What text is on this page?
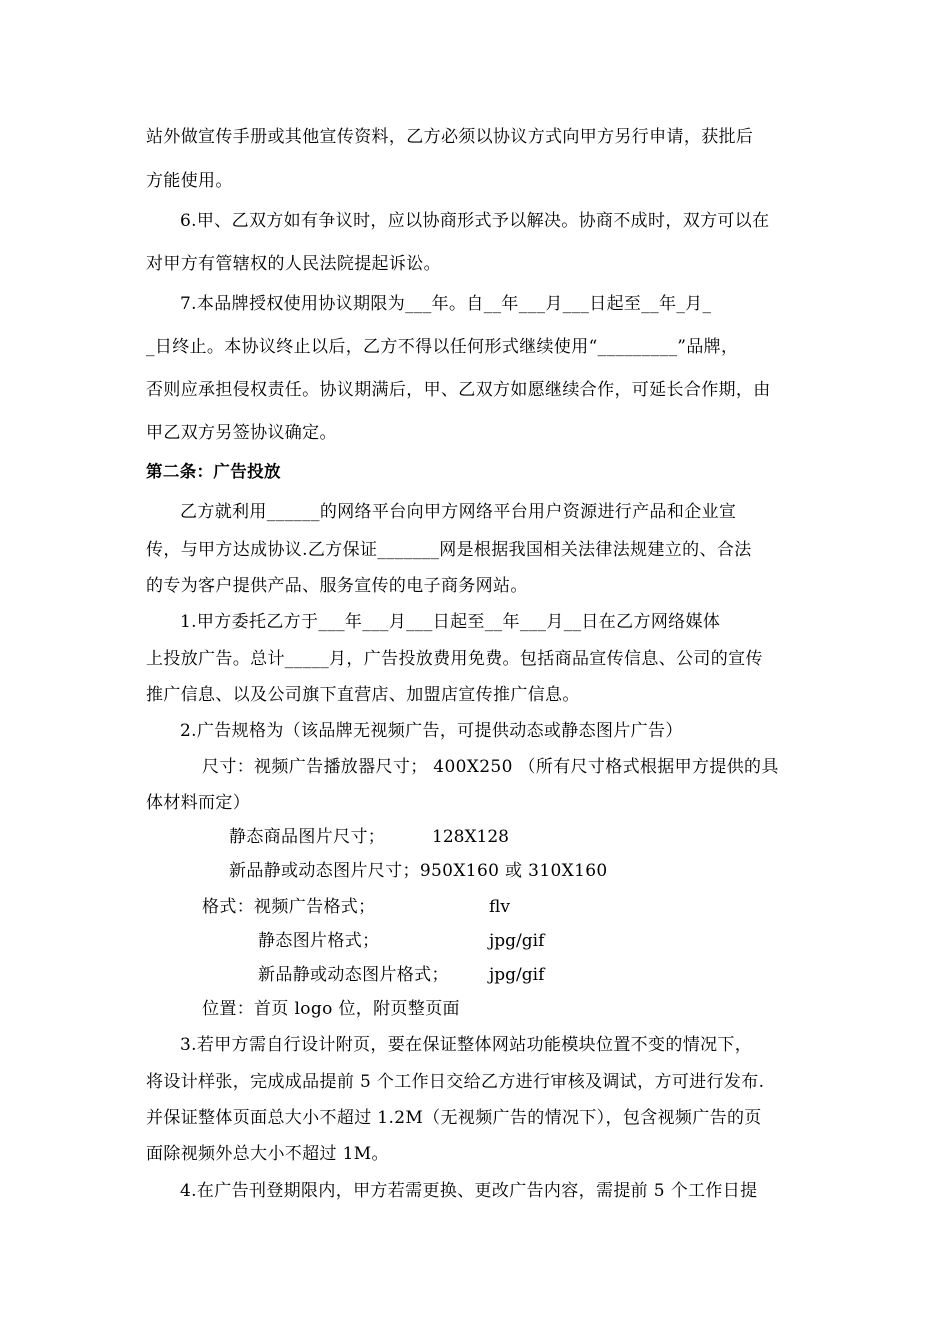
站外做宣传手册或其他宣传资料，乙方必须以协议方式向甲方另行申请，获批后
方能使用。
6.甲、乙双方如有争议时，应以协商形式予以解决。协商不成时，双方可以在
对甲方有管辖权的人民法院提起诉讼。
7.本品牌授权使用协议期限为___年。自__年___月___日起至__年_月_
_日终止。本协议终止以后，乙方不得以任何形式继续使用“_________”品牌，
否则应承担侵权责任。协议期满后，甲、乙双方如愿继续合作，可延长合作期，由
甲乙双方另签协议确定。
第二条：广告投放
乙方就利用______的网络平台向甲方网络平台用户资源进行产品和企业宣
传，与甲方达成协议.乙方保证_______网是根据我国相关法律法规建立的、合法
的专为客户提供产品、服务宣传的电子商务网站。
1.甲方委托乙方于___年___月___日起至__年___月__日在乙方网络媒体
上投放广告。总计_____月，广告投放费用免费。包括商品宣传信息、公司的宣传
推广信息、以及公司旗下直营店、加盟店宣传推广信息。
2.广告规格为（该品牌无视频广告，可提供动态或静态图片广告）
尺寸：视频广告播放器尺寸； 400X250 （所有尺寸格式根据甲方提供的具
体材料而定）
静态商品图片尺寸；	128X128
新品静或动态图片尺寸；950X160 或 310X160
格式：视频广告格式；	flv
静态图片格式；	jpg/gif
新品静或动态图片格式； jpg/gif
位置：首页 logo 位，附页整页面
3.若甲方需自行设计附页，要在保证整体网站功能模块位置不变的情况下，
将设计样张，完成成品提前 5 个工作日交给乙方进行审核及调试，方可进行发布.
并保证整体页面总大小不超过 1.2M（无视频广告的情况下），包含视频广告的页
面除视频外总大小不超过 1M。
4.在广告刊登期限内，甲方若需更换、更改广告内容，需提前 5 个工作日提
